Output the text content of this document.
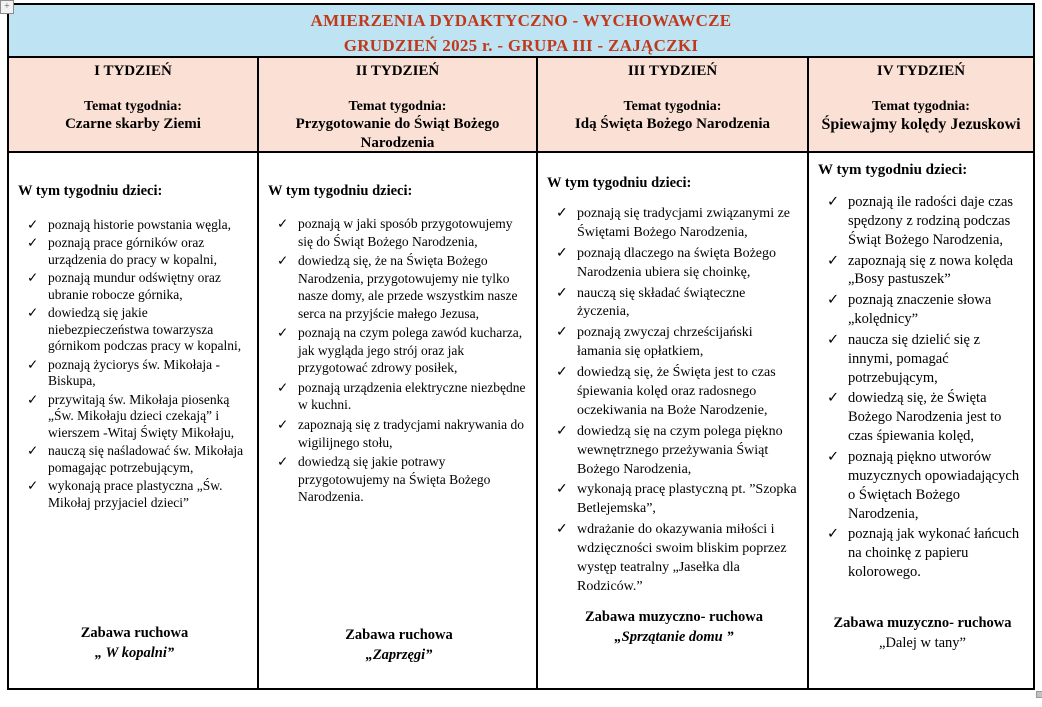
+
AMIERZENIA DYDAKTYCZNO - WYCHOWAWCZE
GRUDZIEŃ 2025 r. - GRUPA III - ZAJĄCZKI
I TYDZIEŃ
Temat tygodnia:
Czarne skarby Ziemi
W tym tygodniu dzieci:
✓ poznają historie powstania węgla,
✓ poznają prace górników oraz urządzenia do pracy w kopalni,
✓ poznają mundur odświętny oraz ubranie robocze górnika,
✓ dowiedzą się jakie niebezpieczeństwa towarzysza górnikom podczas pracy w kopalni,
✓ poznają życiorys św. Mikołaja - Biskupa,
✓ przywitają św. Mikołaja piosenką „Św. Mikołaju dzieci czekają” i wierszem -Witaj Święty Mikołaju,
✓ nauczą się naśladować św. Mikołaja pomagając potrzebującym,
✓ wykonają prace plastyczna „Św. Mikołaj przyjaciel dzieci”
Zabawa ruchowa
„ W kopalni”
II TYDZIEŃ
Temat tygodnia:
Przygotowanie do Świąt Bożego Narodzenia
W tym tygodniu dzieci:
✓ poznają w jaki sposób przygotowujemy się do Świąt Bożego Narodzenia,
✓ dowiedzą się, że na Święta Bożego Narodzenia, przygotowujemy nie tylko nasze domy, ale przede wszystkim nasze serca na przyjście małego Jezusa,
✓ poznają na czym polega zawód kucharza, jak wygląda jego strój oraz jak przygotować zdrowy posiłek,
✓ poznają urządzenia elektryczne niezbędne w kuchni.
✓ zapoznają się z tradycjami nakrywania do wigilijnego stołu,
✓ dowiedzą się jakie potrawy przygotowujemy na Święta Bożego Narodzenia.
Zabawa ruchowa
„Zaprzęgi”
III TYDZIEŃ
Temat tygodnia:
Idą Święta Bożego Narodzenia
W tym tygodniu dzieci:
✓ poznają się tradycjami związanymi ze Świętami Bożego Narodzenia,
✓ poznają dlaczego na święta Bożego Narodzenia ubiera się choinkę,
✓ nauczą się składać świąteczne życzenia,
✓ poznają zwyczaj chrześcijański łamania się opłatkiem,
✓ dowiedzą się, że Święta jest to czas śpiewania kolęd oraz radosnego oczekiwania na Boże Narodzenie,
✓ dowiedzą się na czym polega piękno wewnętrznego przeżywania Świąt Bożego Narodzenia,
✓ wykonają pracę plastyczną pt. ”Szopka Betlejemska”,
✓ wdrażanie do okazywania miłości i wdzięczności swoim bliskim poprzez występ teatralny „Jasełka dla Rodziców.”
Zabawa muzyczno- ruchowa
„Sprzątanie domu ”
IV TYDZIEŃ
Temat tygodnia:
Śpiewajmy kolędy Jezuskowi
W tym tygodniu dzieci:
✓ poznają ile radości daje czas spędzony z rodziną podczas Świąt Bożego Narodzenia,
✓ zapoznają się z nowa kolęda „Bosy pastuszek”
✓ poznają znaczenie słowa „kolędnicy”
✓ naucza się dzielić się z innymi, pomagać potrzebującym,
✓ dowiedzą się, że Święta Bożego Narodzenia jest to czas śpiewania kolęd,
✓ poznają piękno utworów muzycznych opowiadających o Świętach Bożego Narodzenia,
✓ poznają jak wykonać łańcuch na choinkę z papieru kolorowego.
Zabawa muzyczno- ruchowa
„Dalej w tany”
